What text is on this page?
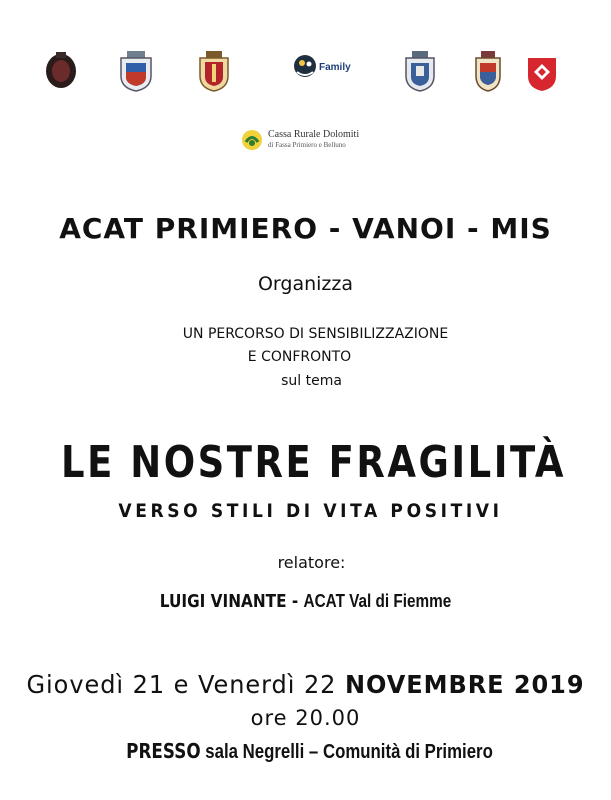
Family
Cassa Rurale Dolomiti
di Fassa Primiero e Belluno
ACAT PRIMIERO - VANOI - MIS
Organizza
UN PERCORSO DI SENSIBILIZZAZIONE
E CONFRONTO
sul tema
LE NOSTRE FRAGILITÀ
VERSO STILI DI VITA POSITIVI
relatore:
LUIGI VINANTE - ACAT Val di Fiemme
Giovedì 21 e Venerdì 22 NOVEMBRE 2019
ore 20.00
PRESSO sala Negrelli – Comunità di Primiero
